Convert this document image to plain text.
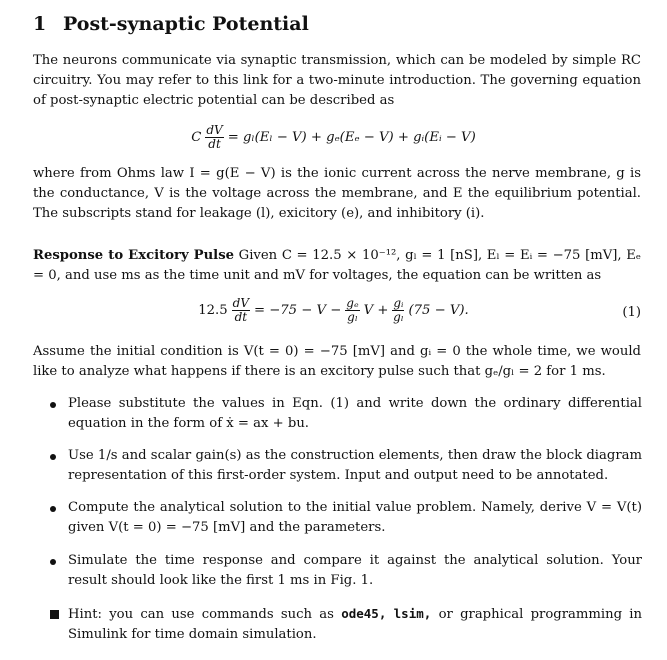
1 Post-synaptic Potential

The neurons communicate via synaptic transmission, which can be modeled by simple RC circuitry. You may refer to this link for a two-minute introduction. The governing equation of post-synaptic electric potential can be described as

C $\frac{dV}{dt} = g_l(E_l - V) + g_e(E_e - V)$ + gᵢ(Eᵢ − V)

where from Ohms law I = g(E − V) is the ionic current across the nerve membrane, g is the conductance, V is the voltage across the membrane, and E the equilibrium potential. The subscripts stand for leakage (l), exicitory (e), and inhibitory (i).

Response to Excitory Pulse Given C = 12.5 × 10⁻¹², gₗ = 1 [nS], Eₗ = Eᵢ = −75 [mV], Eₑ = 0, and use ms as the time unit and mV for voltages, the equation can be written as

$12.5 \frac{dV}{dt} = -75 - V - \frac{\text{gₑ}}{\text{gₗ}}$ $V + \frac{\text{gᵢ}}{\text{gₗ}} (75 - V)$.	(1)

Assume the initial condition is V(t = 0) = −75 [mV] and gᵢ = 0 the whole time, we would like to analyze what happens if there is an excitory pulse such that gₑ/gₗ = 2 for 1 ms.

Please substitute the values in Eqn. (1) and write down the ordinary differential equation in the form of ẋ = ax + bu.
Use 1/s and scalar gain(s) as the construction elements, then draw the block diagram representation of this first-order system. Input and output need to be annotated.
Compute the analytical solution to the initial value problem. Namely, derive V = V(t) given V(t = 0) = −75 [mV] and the parameters.
Simulate the time response and compare it against the analytical solution. Your result should look like the first 1 ms in Fig. 1.
Hint: you can use commands such as ode45, lsim, or graphical programming in Simulink for time domain simulation.
